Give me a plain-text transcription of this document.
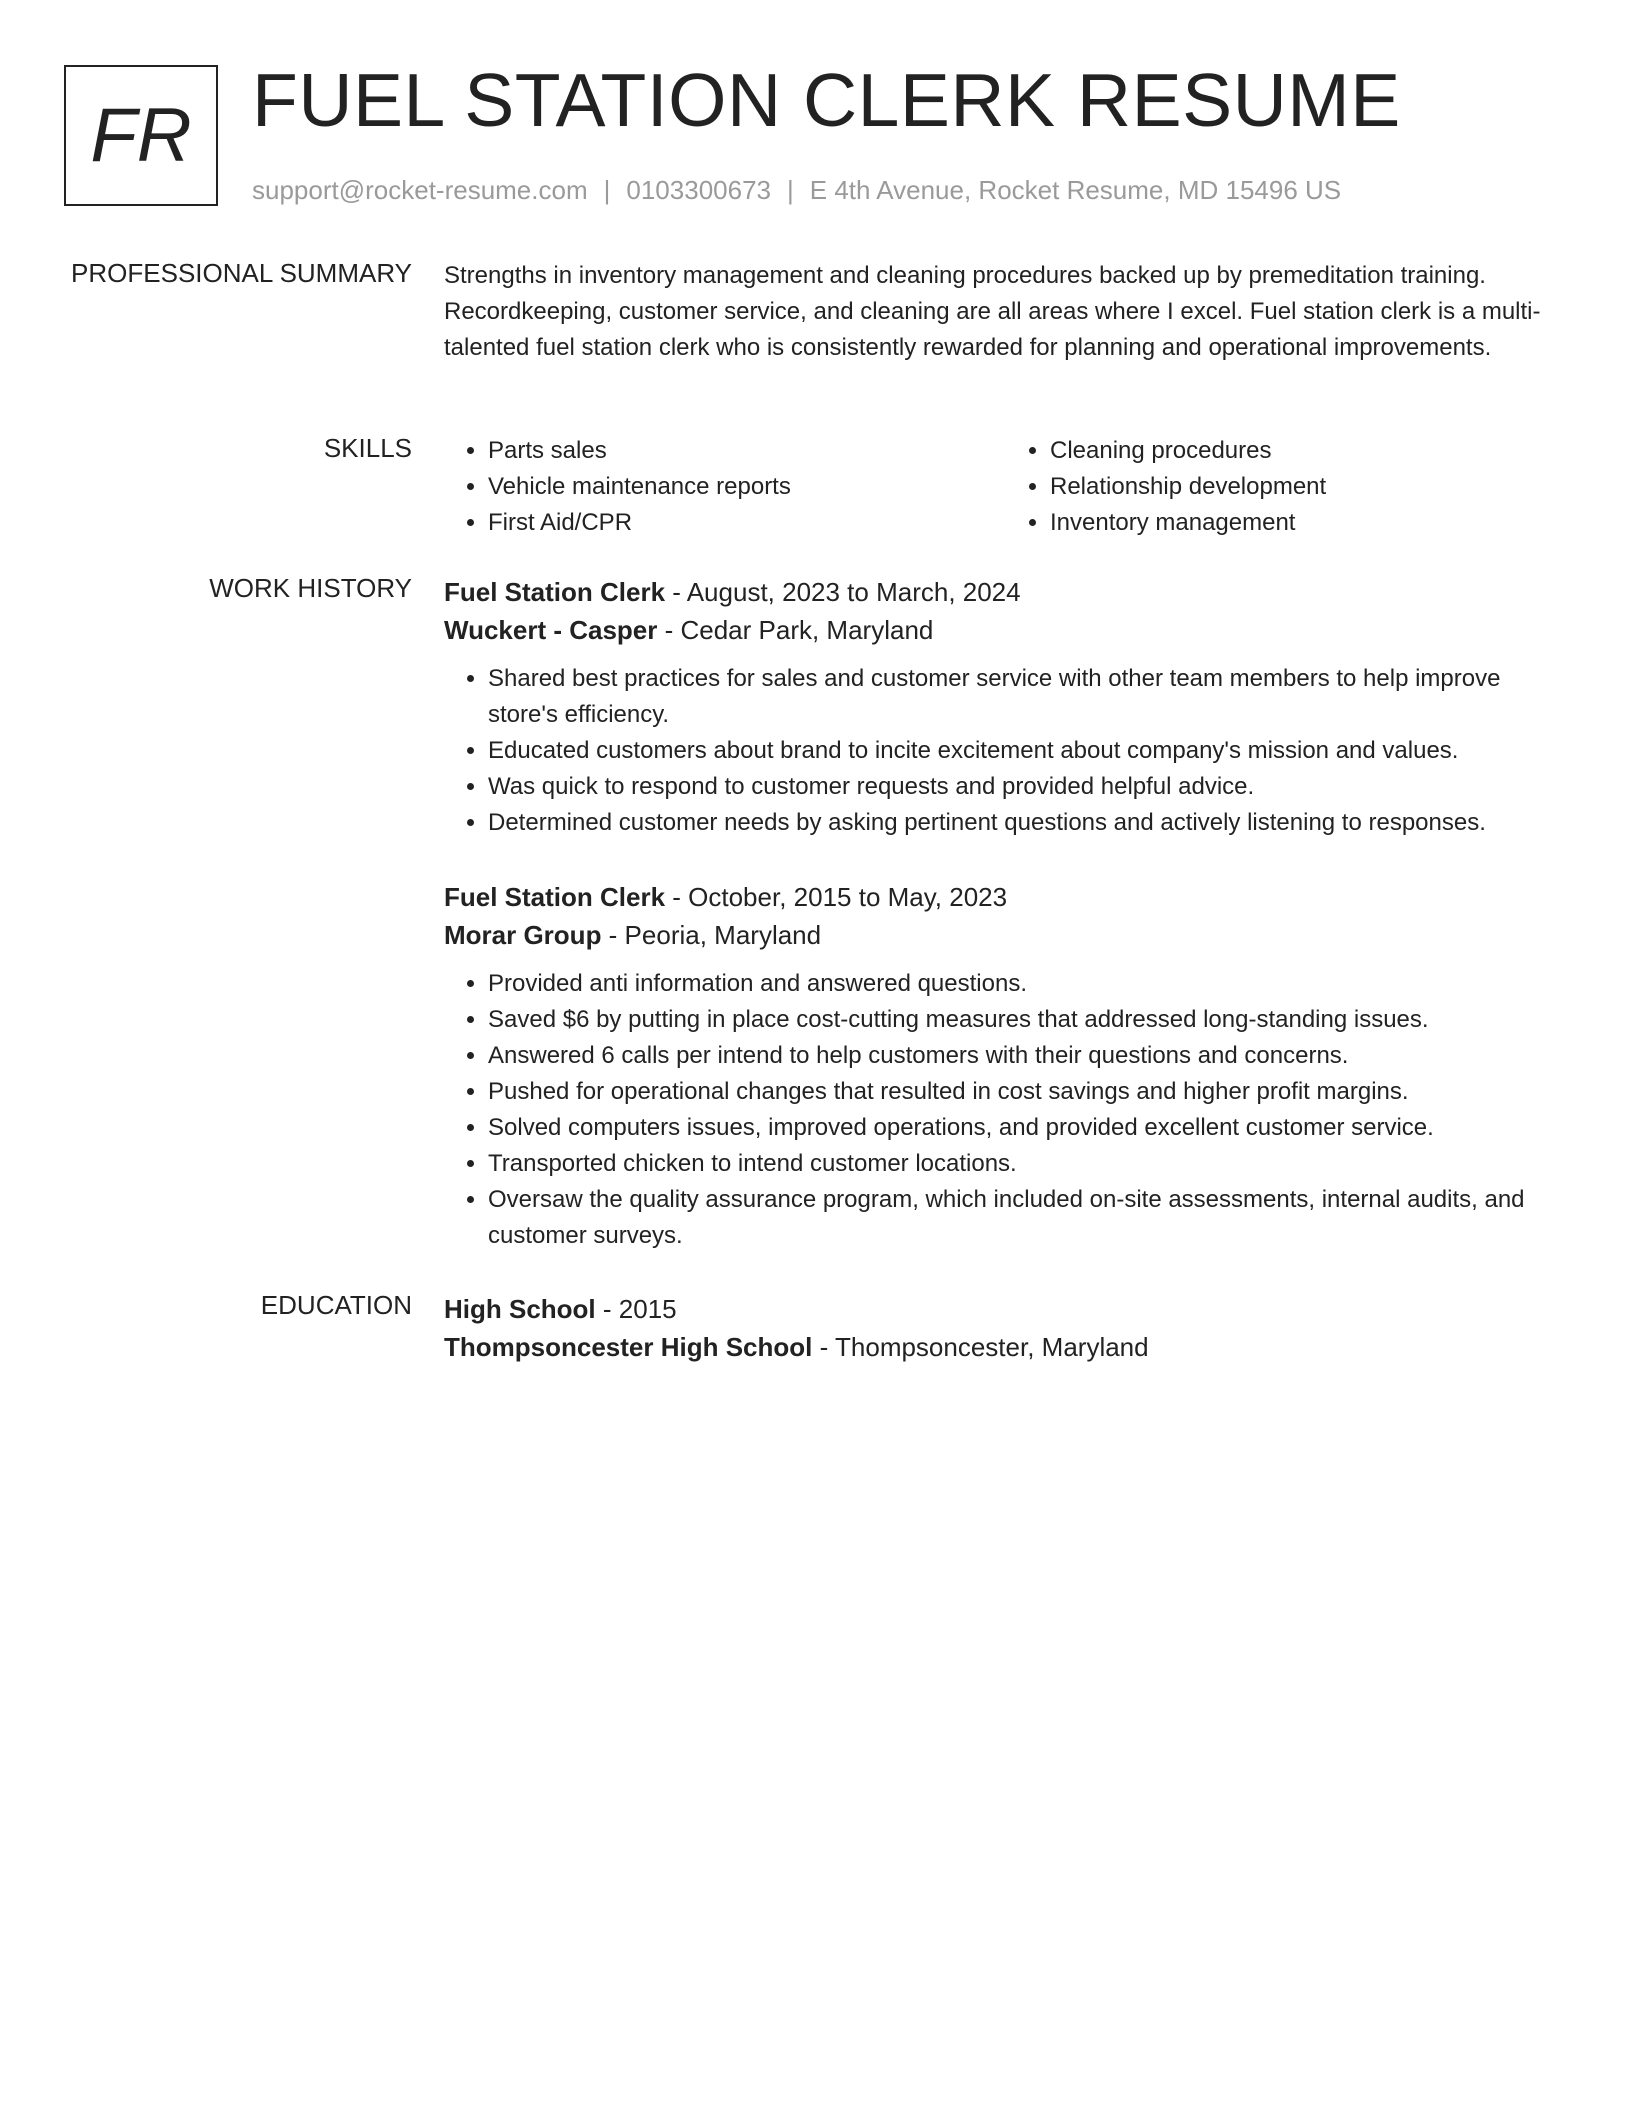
FR FUEL STATION CLERK RESUME
support@rocket-resume.com | 0103300673 | E 4th Avenue, Rocket Resume, MD 15496 US
PROFESSIONAL SUMMARY Strengths in inventory management and cleaning procedures backed up by premeditation training. Recordkeeping, customer service, and cleaning are all areas where I excel. Fuel station clerk is a multi-talented fuel station clerk who is consistently rewarded for planning and operational improvements.
SKILLS
•	Parts sales
• Vehicle maintenance reports
• First Aid/CPR
• Cleaning procedures
• Relationship development
• Inventory management
WORK HISTORY Fuel Station Clerk - August, 2023 to March, 2024
Wuckert - Casper - Cedar Park, Maryland
• Shared best practices for sales and customer service with other team members to help improve store's efficiency.
• Educated customers about brand to incite excitement about company's mission and values.
• Was quick to respond to customer requests and provided helpful advice.
• Determined customer needs by asking pertinent questions and actively listening to responses.
Fuel Station Clerk - October, 2015 to May, 2023
Morar Group - Peoria, Maryland
• Provided anti information and answered questions.
• Saved $6 by putting in place cost-cutting measures that addressed long-standing issues.
• Answered 6 calls per intend to help customers with their questions and concerns.
• Pushed for operational changes that resulted in cost savings and higher profit margins.
• Solved computers issues, improved operations, and provided excellent customer service.
• Transported chicken to intend customer locations.
• Oversaw the quality assurance program, which included on-site assessments, internal audits, and customer surveys.
EDUCATION High School - 2015
Thompsoncester High School - Thompsoncester, Maryland
